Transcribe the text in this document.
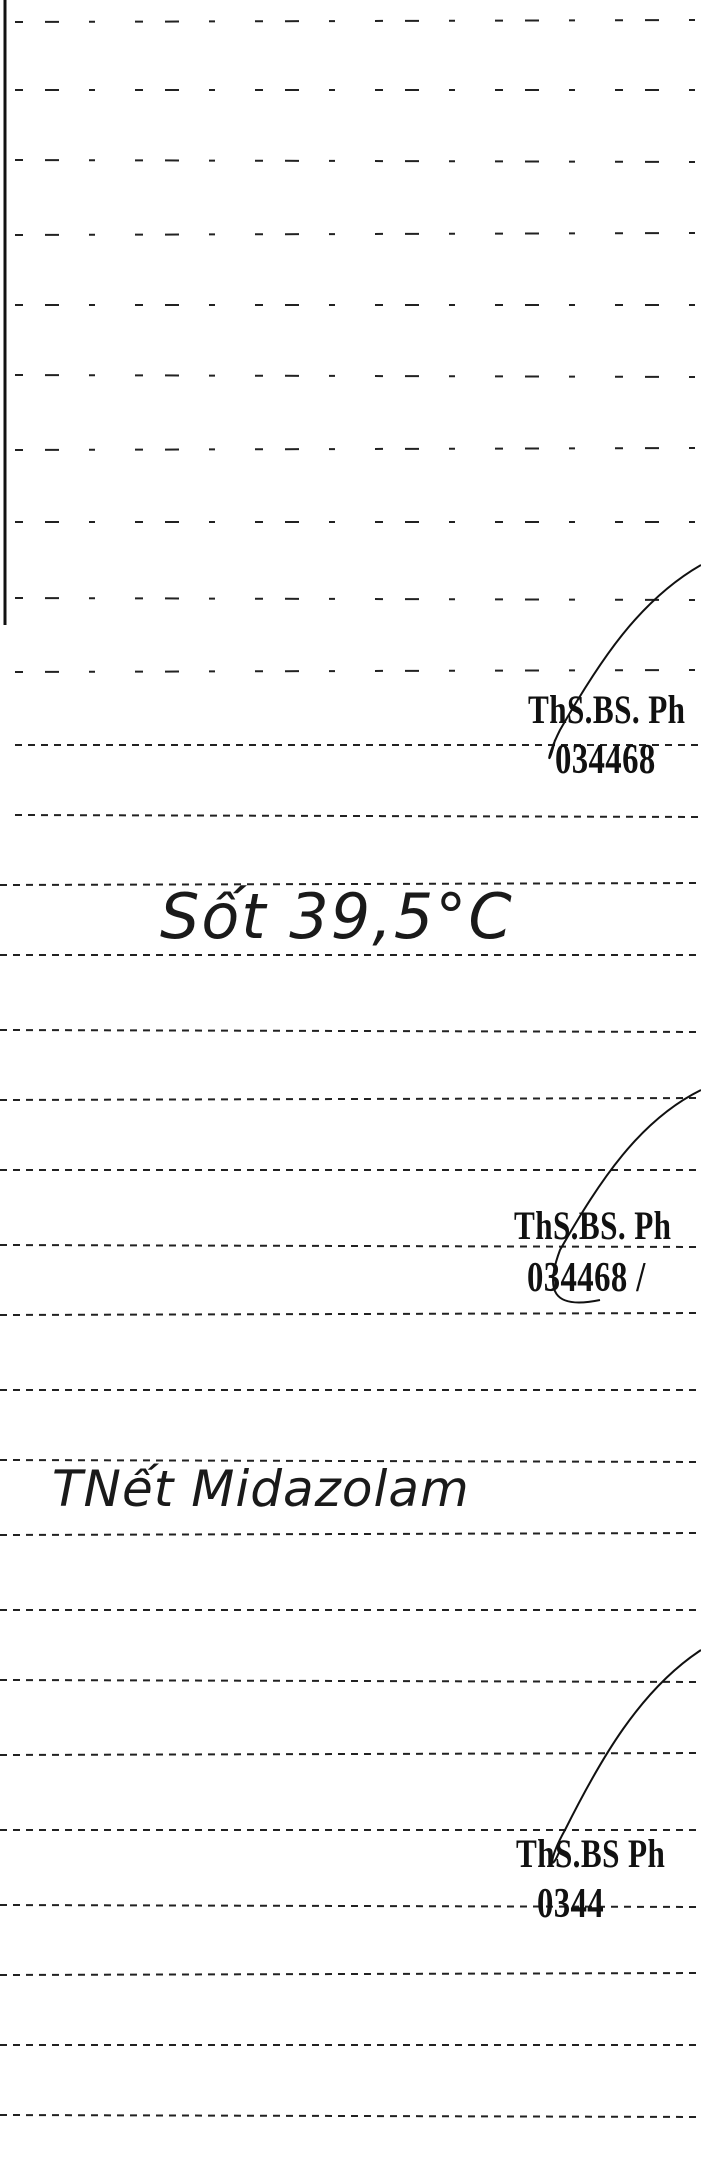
ThS.BS. Ph
034468
Sốt 39,5°C
ThS.BS. Ph
034468 /
TNết Midazolam
ThS.BS Ph
0344
